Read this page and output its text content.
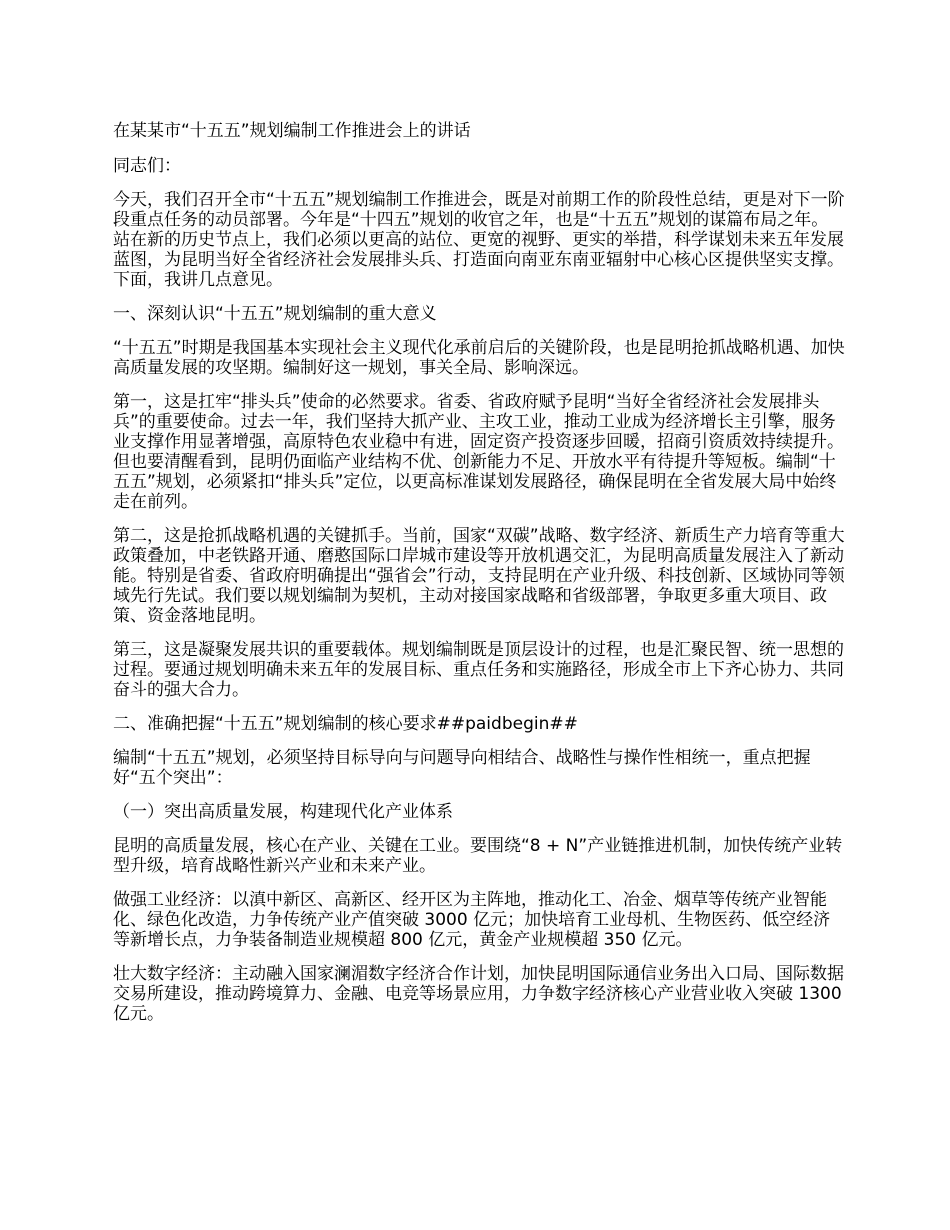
在某某市“十五五”规划编制工作推进会上的讲话

同志们：

今天，我们召开全市“十五五”规划编制工作推进会，既是对前期工作的阶段性总结，更是对下一阶段重点任务的动员部署。今年是“十四五”规划的收官之年，也是“十五五”规划的谋篇布局之年。站在新的历史节点上，我们必须以更高的站位、更宽的视野、更实的举措，科学谋划未来五年发展蓝图，为昆明当好全省经济社会发展排头兵、打造面向南亚东南亚辐射中心核心区提供坚实支撑。下面，我讲几点意见。

一、深刻认识“十五五”规划编制的重大意义

“十五五”时期是我国基本实现社会主义现代化承前启后的关键阶段，也是昆明抢抓战略机遇、加快高质量发展的攻坚期。编制好这一规划，事关全局、影响深远。

第一，这是扛牢“排头兵”使命的必然要求。省委、省政府赋予昆明“当好全省经济社会发展排头兵”的重要使命。过去一年，我们坚持大抓产业、主攻工业，推动工业成为经济增长主引擎，服务业支撑作用显著增强，高原特色农业稳中有进，固定资产投资逐步回暖，招商引资质效持续提升。但也要清醒看到，昆明仍面临产业结构不优、创新能力不足、开放水平有待提升等短板。编制“十五五”规划，必须紧扣“排头兵”定位，以更高标准谋划发展路径，确保昆明在全省发展大局中始终走在前列。

第二，这是抢抓战略机遇的关键抓手。当前，国家“双碳”战略、数字经济、新质生产力培育等重大政策叠加，中老铁路开通、磨憨国际口岸城市建设等开放机遇交汇，为昆明高质量发展注入了新动能。特别是省委、省政府明确提出“强省会”行动，支持昆明在产业升级、科技创新、区域协同等领域先行先试。我们要以规划编制为契机，主动对接国家战略和省级部署，争取更多重大项目、政策、资金落地昆明。

第三，这是凝聚发展共识的重要载体。规划编制既是顶层设计的过程，也是汇聚民智、统一思想的过程。要通过规划明确未来五年的发展目标、重点任务和实施路径，形成全市上下齐心协力、共同奋斗的强大合力。

二、准确把握“十五五”规划编制的核心要求##paidbegin##

编制“十五五”规划，必须坚持目标导向与问题导向相结合、战略性与操作性相统一，重点把握好“五个突出”：

（一）突出高质量发展，构建现代化产业体系

昆明的高质量发展，核心在产业、关键在工业。要围绕“8 + N”产业链推进机制，加快传统产业转型升级，培育战略性新兴产业和未来产业。

做强工业经济：以滇中新区、高新区、经开区为主阵地，推动化工、冶金、烟草等传统产业智能化、绿色化改造，力争传统产业产值突破 3000 亿元；加快培育工业母机、生物医药、低空经济等新增长点，力争装备制造业规模超 800 亿元，黄金产业规模超 350 亿元。

壮大数字经济：主动融入国家澜湄数字经济合作计划，加快昆明国际通信业务出入口局、国际数据交易所建设，推动跨境算力、金融、电竞等场景应用，力争数字经济核心产业营业收入突破 1300 亿元。
